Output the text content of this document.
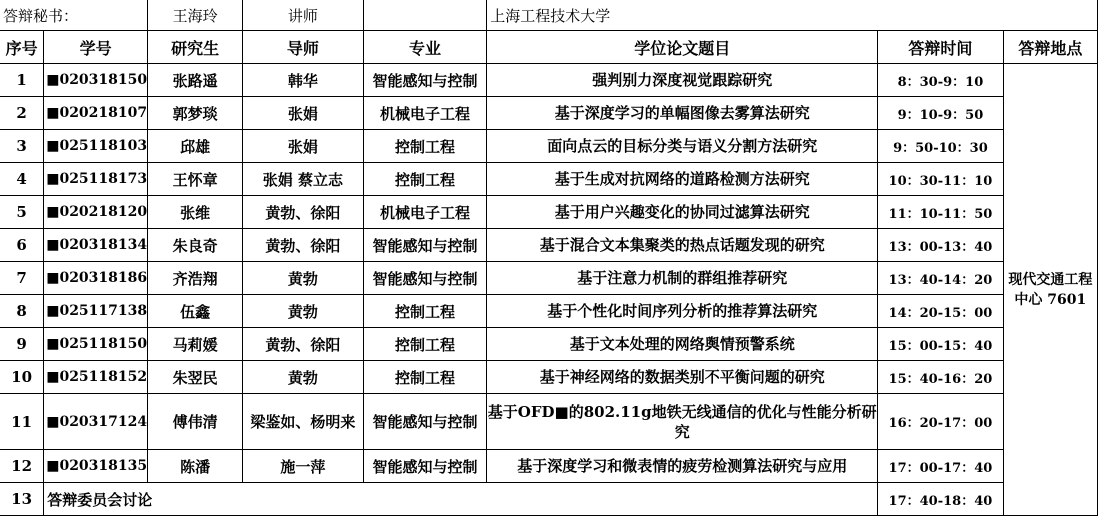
答辩秘书：		王海玲	讲师		上海工程技术大学		
序号	学号	研究生	导师	专业	学位论文题目	答辩时间	答辩地点
1	■020318150	张路遥	韩华	智能感知与控制	强判别力深度视觉跟踪研究	8：30-9：10	现代交通工程中心 7601
2	■020218107	郭梦琰	张娟	机械电子工程	基于深度学习的单幅图像去雾算法研究	9：10-9：50	
3	■025118103	邱雄	张娟	控制工程	面向点云的目标分类与语义分割方法研究	9：50-10：30	
4	■025118173	王怀章	张娟 蔡立志	控制工程	基于生成对抗网络的道路检测方法研究	10：30-11：10	
5	■020218120	张维	黄勃、徐阳	机械电子工程	基于用户兴趣变化的协同过滤算法研究	11：10-11：50	
6	■020318134	朱良奇	黄勃、徐阳	智能感知与控制	基于混合文本集聚类的热点话题发现的研究	13：00-13：40	
7	■020318186	齐浩翔	黄勃	智能感知与控制	基于注意力机制的群组推荐研究	13：40-14：20	
8	■025117138	伍鑫	黄勃	控制工程	基于个性化时间序列分析的推荐算法研究	14：20-15：00	
9	■025118150	马莉媛	黄勃、徐阳	控制工程	基于文本处理的网络舆情预警系统	15：00-15：40	
10	■025118152	朱翌民	黄勃	控制工程	基于神经网络的数据类别不平衡问题的研究	15：40-16：20	
11	■020317124	傅伟清	梁鉴如、杨明来	智能感知与控制	基于OFD■的802.11g地铁无线通信的优化与性能分析研究	16：20-17：00	
12	■020318135	陈潘	施一萍	智能感知与控制	基于深度学习和微表情的疲劳检测算法研究与应用	17：00-17：40	
13	答辩委员会讨论					17：40-18：40	
